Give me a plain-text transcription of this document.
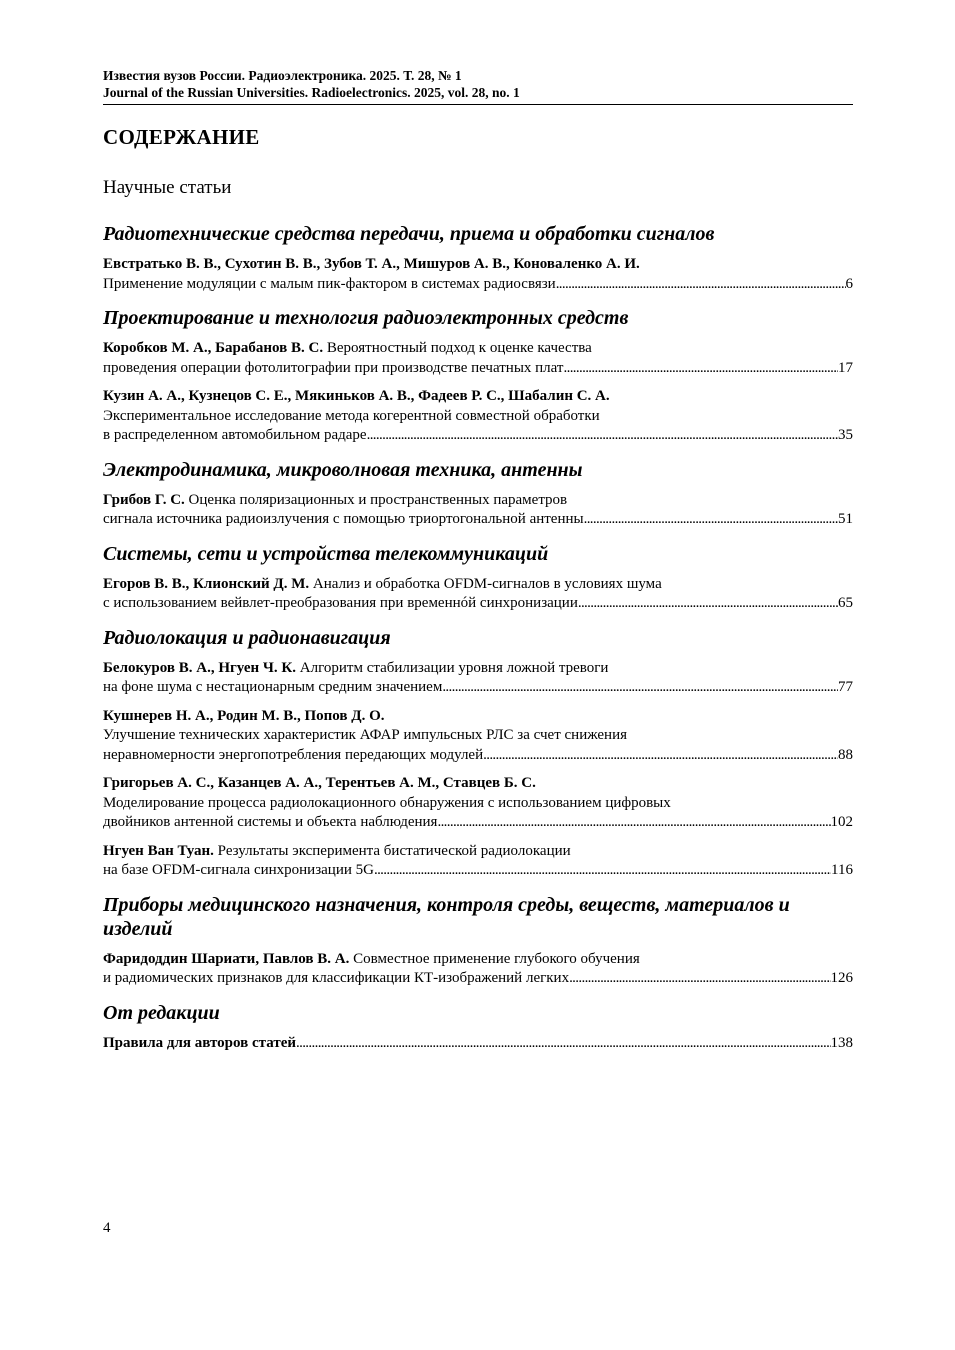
Известия вузов России. Радиоэлектроника. 2025. Т. 28, № 1
Journal of the Russian Universities. Radioelectronics. 2025, vol. 28, no. 1
СОДЕРЖАНИЕ
Научные статьи
Радиотехнические средства передачи, приема и обработки сигналов
Евстратько В. В., Сухотин В. В., Зубов Т. А., Мишуров А. В., Коноваленко А. И.
Применение модуляции с малым пик-фактором в системах радиосвязи . . .	6
Проектирование и технология радиоэлектронных средств
Коробков М. А., Барабанов В. С. Вероятностный подход к оценке качества
проведения операции фотолитографии при производстве печатных плат . . .	17
Кузин А. А., Кузнецов С. Е., Мякиньков А. В., Фадеев Р. С., Шабалин С. А.
Экспериментальное исследование метода когерентной совместной обработки
в распределенном автомобильном радаре . . .	35
Электродинамика, микроволновая техника, антенны
Грибов Г. С. Оценка поляризационных и пространственных параметров
сигнала источника радиоизлучения с помощью триортогональной антенны . . .	51
Системы, сети и устройства телекоммуникаций
Егоров В. В., Клионский Д. М. Анализ и обработка OFDM-сигналов в условиях шума
с использованием вейвлет-преобразования при временнóй синхронизации . . .	65
Радиолокация и радионавигация
Белокуров В. А., Нгуен Ч. К. Алгоритм стабилизации уровня ложной тревоги
на фоне шума с нестационарным средним значением . . .	77
Кушнерев Н. А., Родин М. В., Попов Д. О.
Улучшение технических характеристик АФАР импульсных РЛС за счет снижения
неравномерности энергопотребления передающих модулей . . .	88
Григорьев А. С., Казанцев А. А., Терентьев А. М., Ставцев Б. С.
Моделирование процесса радиолокационного обнаружения с использованием цифровых
двойников антенной системы и объекта наблюдения . . .	102
Нгуен Ван Туан. Результаты эксперимента бистатической радиолокации
на базе OFDM-сигнала синхронизации 5G . . .	116
Приборы медицинского назначения, контроля среды, веществ, материалов и изделий
Фаридоддин Шариати, Павлов В. А. Совместное применение глубокого обучения
и радиомических признаков для классификации КТ-изображений легких . . .	126
От редакции
Правила для авторов статей . . .	138
4
